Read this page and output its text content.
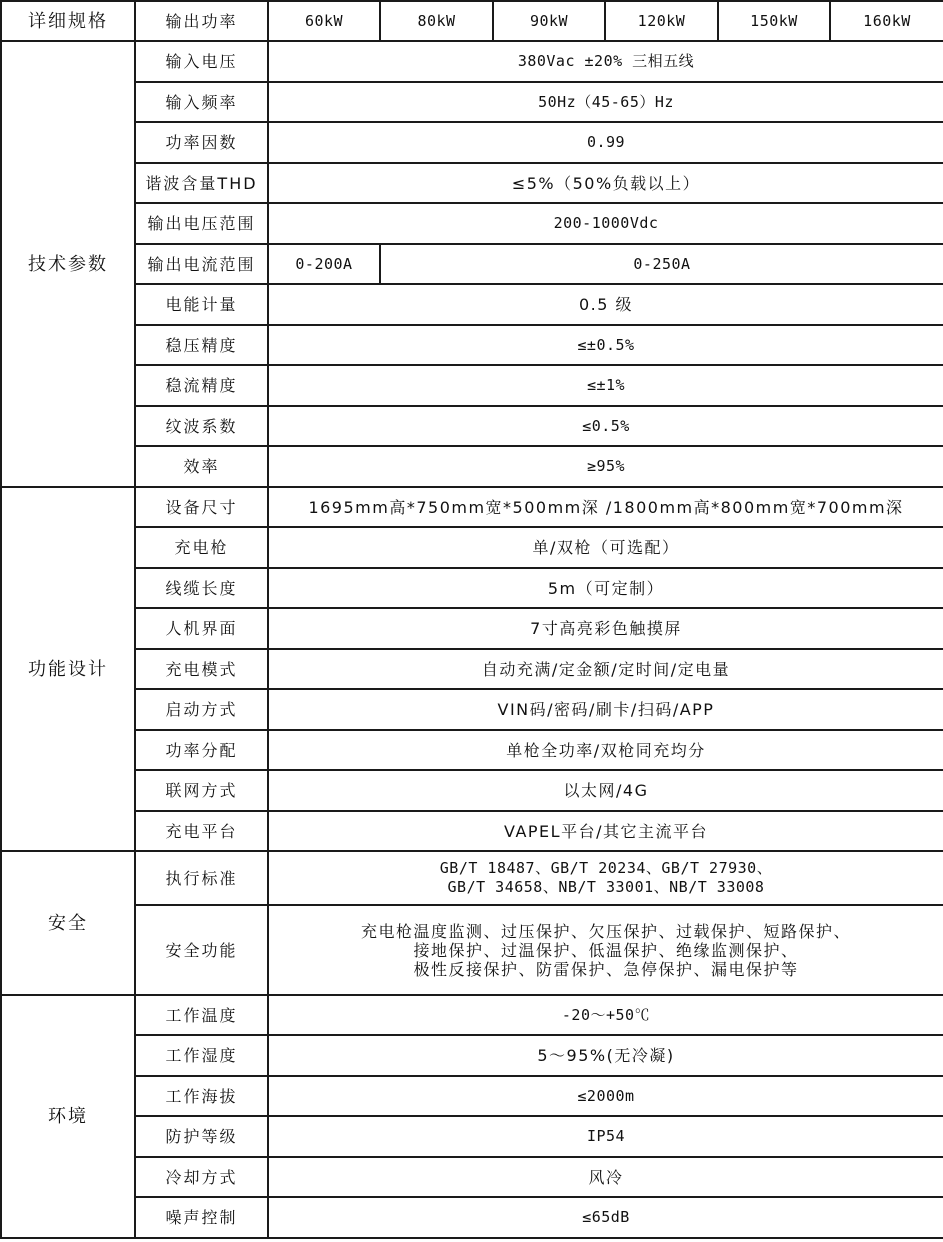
详细规格	输出功率	60kW	80kW	90kW	120kW	150kW	160kW
技术参数	输入电压	380Vac ±20% 三相五线					
	输入频率	50Hz（45-65）Hz					
	功率因数	0.99					
	谐波含量THD	≤5%（50%负载以上）					
	输出电压范围	200-1000Vdc					
	输出电流范围	0-200A	0-250A				
	电能计量	0.5 级					
	稳压精度	≤±0.5%					
	稳流精度	≤±1%					
	纹波系数	≤0.5%					
	效率	≥95%					
功能设计	设备尺寸	1695mm高*750mm宽*500mm深 /1800mm高*800mm宽*700mm深					
	充电枪	单/双枪（可选配）					
	线缆长度	5m（可定制）					
	人机界面	7寸高亮彩色触摸屏					
	充电模式	自动充满/定金额/定时间/定电量					
	启动方式	VIN码/密码/刷卡/扫码/APP					
	功率分配	单枪全功率/双枪同充均分					
	联网方式	以太网/4G					
	充电平台	VAPEL平台/其它主流平台					
安全	执行标准	GB/T 18487、GB/T 20234、GB/T 27930、
GB/T 34658、NB/T 33001、NB/T 33008					

	安全功能	充电枪温度监测、过压保护、欠压保护、过载保护、短路保护、
接地保护、过温保护、低温保护、绝缘监测保护、
极性反接保护、防雷保护、急停保护、漏电保护等					

环境	工作温度	-20～+50℃					
	工作湿度	5～95%(无冷凝)					
	工作海拔	≤2000m					
	防护等级	IP54					
	冷却方式	风冷					
	噪声控制	≤65dB					
